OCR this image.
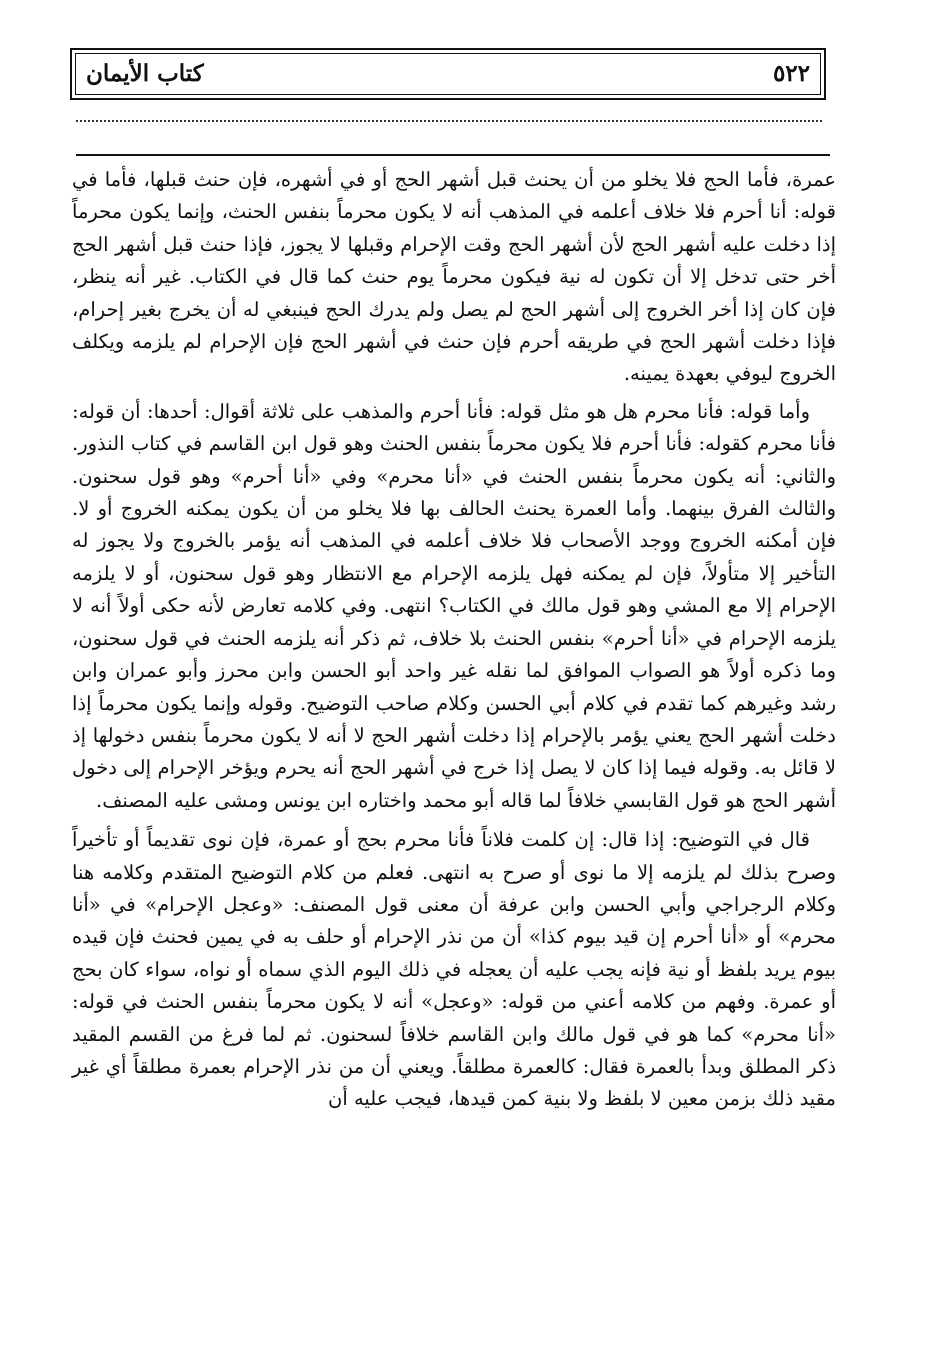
٥٢٢
كتاب الأيمان

عمرة، فأما الحج فلا يخلو من أن يحنث قبل أشهر الحج أو في أشهره، فإن حنث قبلها، فأما في قوله: أنا أحرم فلا خلاف أعلمه في المذهب أنه لا يكون محرماً بنفس الحنث، وإنما يكون محرماً إذا دخلت عليه أشهر الحج لأن أشهر الحج وقت الإحرام وقبلها لا يجوز، فإذا حنث قبل أشهر الحج أخر حتى تدخل إلا أن تكون له نية فيكون محرماً يوم حنث كما قال في الكتاب. غير أنه ينظر، فإن كان إذا أخر الخروج إلى أشهر الحج لم يصل ولم يدرك الحج فينبغي له أن يخرج بغير إحرام، فإذا دخلت أشهر الحج في طريقه أحرم فإن حنث في أشهر الحج فإن الإحرام لم يلزمه ويكلف الخروج ليوفي بعهدة يمينه.

وأما قوله: فأنا محرم هل هو مثل قوله: فأنا أحرم والمذهب على ثلاثة أقوال: أحدها: أن قوله: فأنا محرم كقوله: فأنا أحرم فلا يكون محرماً بنفس الحنث وهو قول ابن القاسم في كتاب النذور. والثاني: أنه يكون محرماً بنفس الحنث في «أنا محرم» وفي «أنا أحرم» وهو قول سحنون. والثالث الفرق بينهما. وأما العمرة يحنث الحالف بها فلا يخلو من أن يكون يمكنه الخروج أو لا. فإن أمكنه الخروج ووجد الأصحاب فلا خلاف أعلمه في المذهب أنه يؤمر بالخروج ولا يجوز له التأخير إلا متأولاً، فإن لم يمكنه فهل يلزمه الإحرام مع الانتظار وهو قول سحنون، أو لا يلزمه الإحرام إلا مع المشي وهو قول مالك في الكتاب؟ انتهى. وفي كلامه تعارض لأنه حكى أولاً أنه لا يلزمه الإحرام في «أنا أحرم» بنفس الحنث بلا خلاف، ثم ذكر أنه يلزمه الحنث في قول سحنون، وما ذكره أولاً هو الصواب الموافق لما نقله غير واحد أبو الحسن وابن محرز وأبو عمران وابن رشد وغيرهم كما تقدم في كلام أبي الحسن وكلام صاحب التوضيح. وقوله وإنما يكون محرماً إذا دخلت أشهر الحج يعني يؤمر بالإحرام إذا دخلت أشهر الحج لا أنه لا يكون محرماً بنفس دخولها إذ لا قائل به. وقوله فيما إذا كان لا يصل إذا خرج في أشهر الحج أنه يحرم ويؤخر الإحرام إلى دخول أشهر الحج هو قول القابسي خلافاً لما قاله أبو محمد واختاره ابن يونس ومشى عليه المصنف.

قال في التوضيح: إذا قال: إن كلمت فلاناً فأنا محرم بحج أو عمرة، فإن نوى تقديماً أو تأخيراً وصرح بذلك لم يلزمه إلا ما نوى أو صرح به انتهى. فعلم من كلام التوضيح المتقدم وكلامه هنا وكلام الرجراجي وأبي الحسن وابن عرفة أن معنى قول المصنف: «وعجل الإحرام» في «أنا محرم» أو «أنا أحرم إن قيد بيوم كذا» أن من نذر الإحرام أو حلف به في يمين فحنث فإن قيده بيوم يريد بلفظ أو نية فإنه يجب عليه أن يعجله في ذلك اليوم الذي سماه أو نواه، سواء كان بحج أو عمرة. وفهم من كلامه أعني من قوله: «وعجل» أنه لا يكون محرماً بنفس الحنث في قوله: «أنا محرم» كما هو في قول مالك وابن القاسم خلافاً لسحنون. ثم لما فرغ من القسم المقيد ذكر المطلق وبدأ بالعمرة فقال: كالعمرة مطلقاً. ويعني أن من نذر الإحرام بعمرة مطلقاً أي غير مقيد ذلك بزمن معين لا بلفظ ولا بنية كمن قيدها، فيجب عليه أن
